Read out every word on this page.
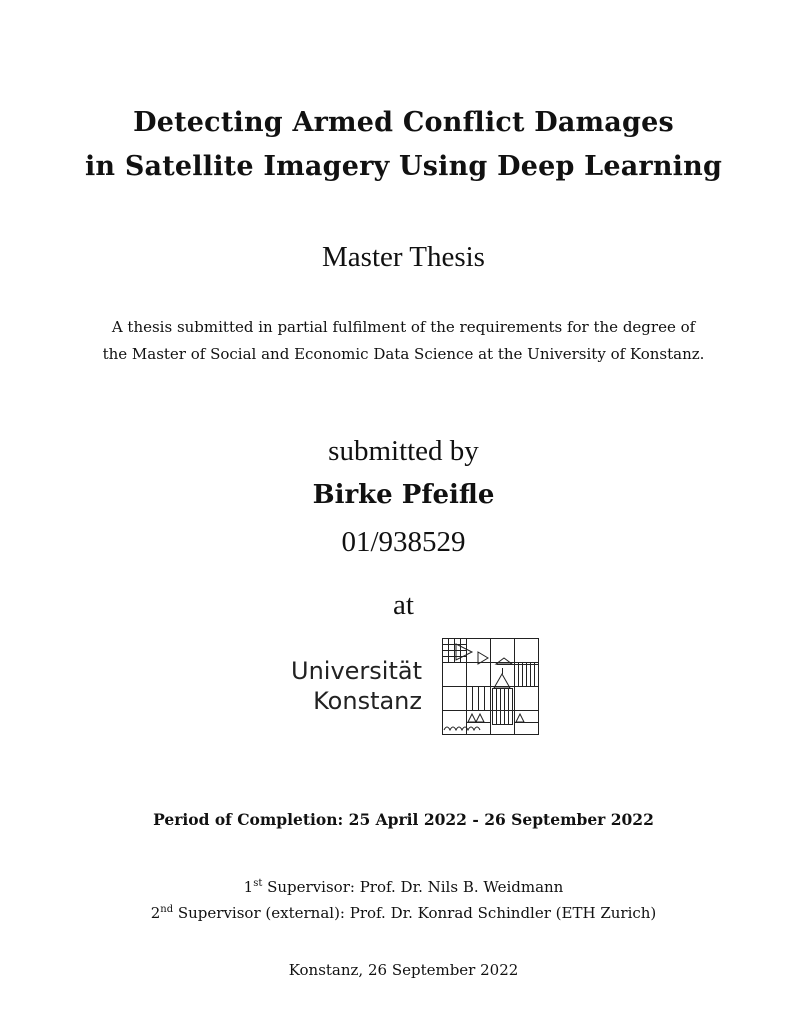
Detecting Armed Conflict Damages
in Satellite Imagery Using Deep Learning
Master Thesis
A thesis submitted in partial fulfilment of the requirements for the degree of
the Master of Social and Economic Data Science at the University of Konstanz.
submitted by
Birke Pfeifle
01/938529
at
Universität
Konstanz
Period of Completion: 25 April 2022 - 26 September 2022
1st Supervisor: Prof. Dr. Nils B. Weidmann
2nd Supervisor (external): Prof. Dr. Konrad Schindler (ETH Zurich)
Konstanz, 26 September 2022
